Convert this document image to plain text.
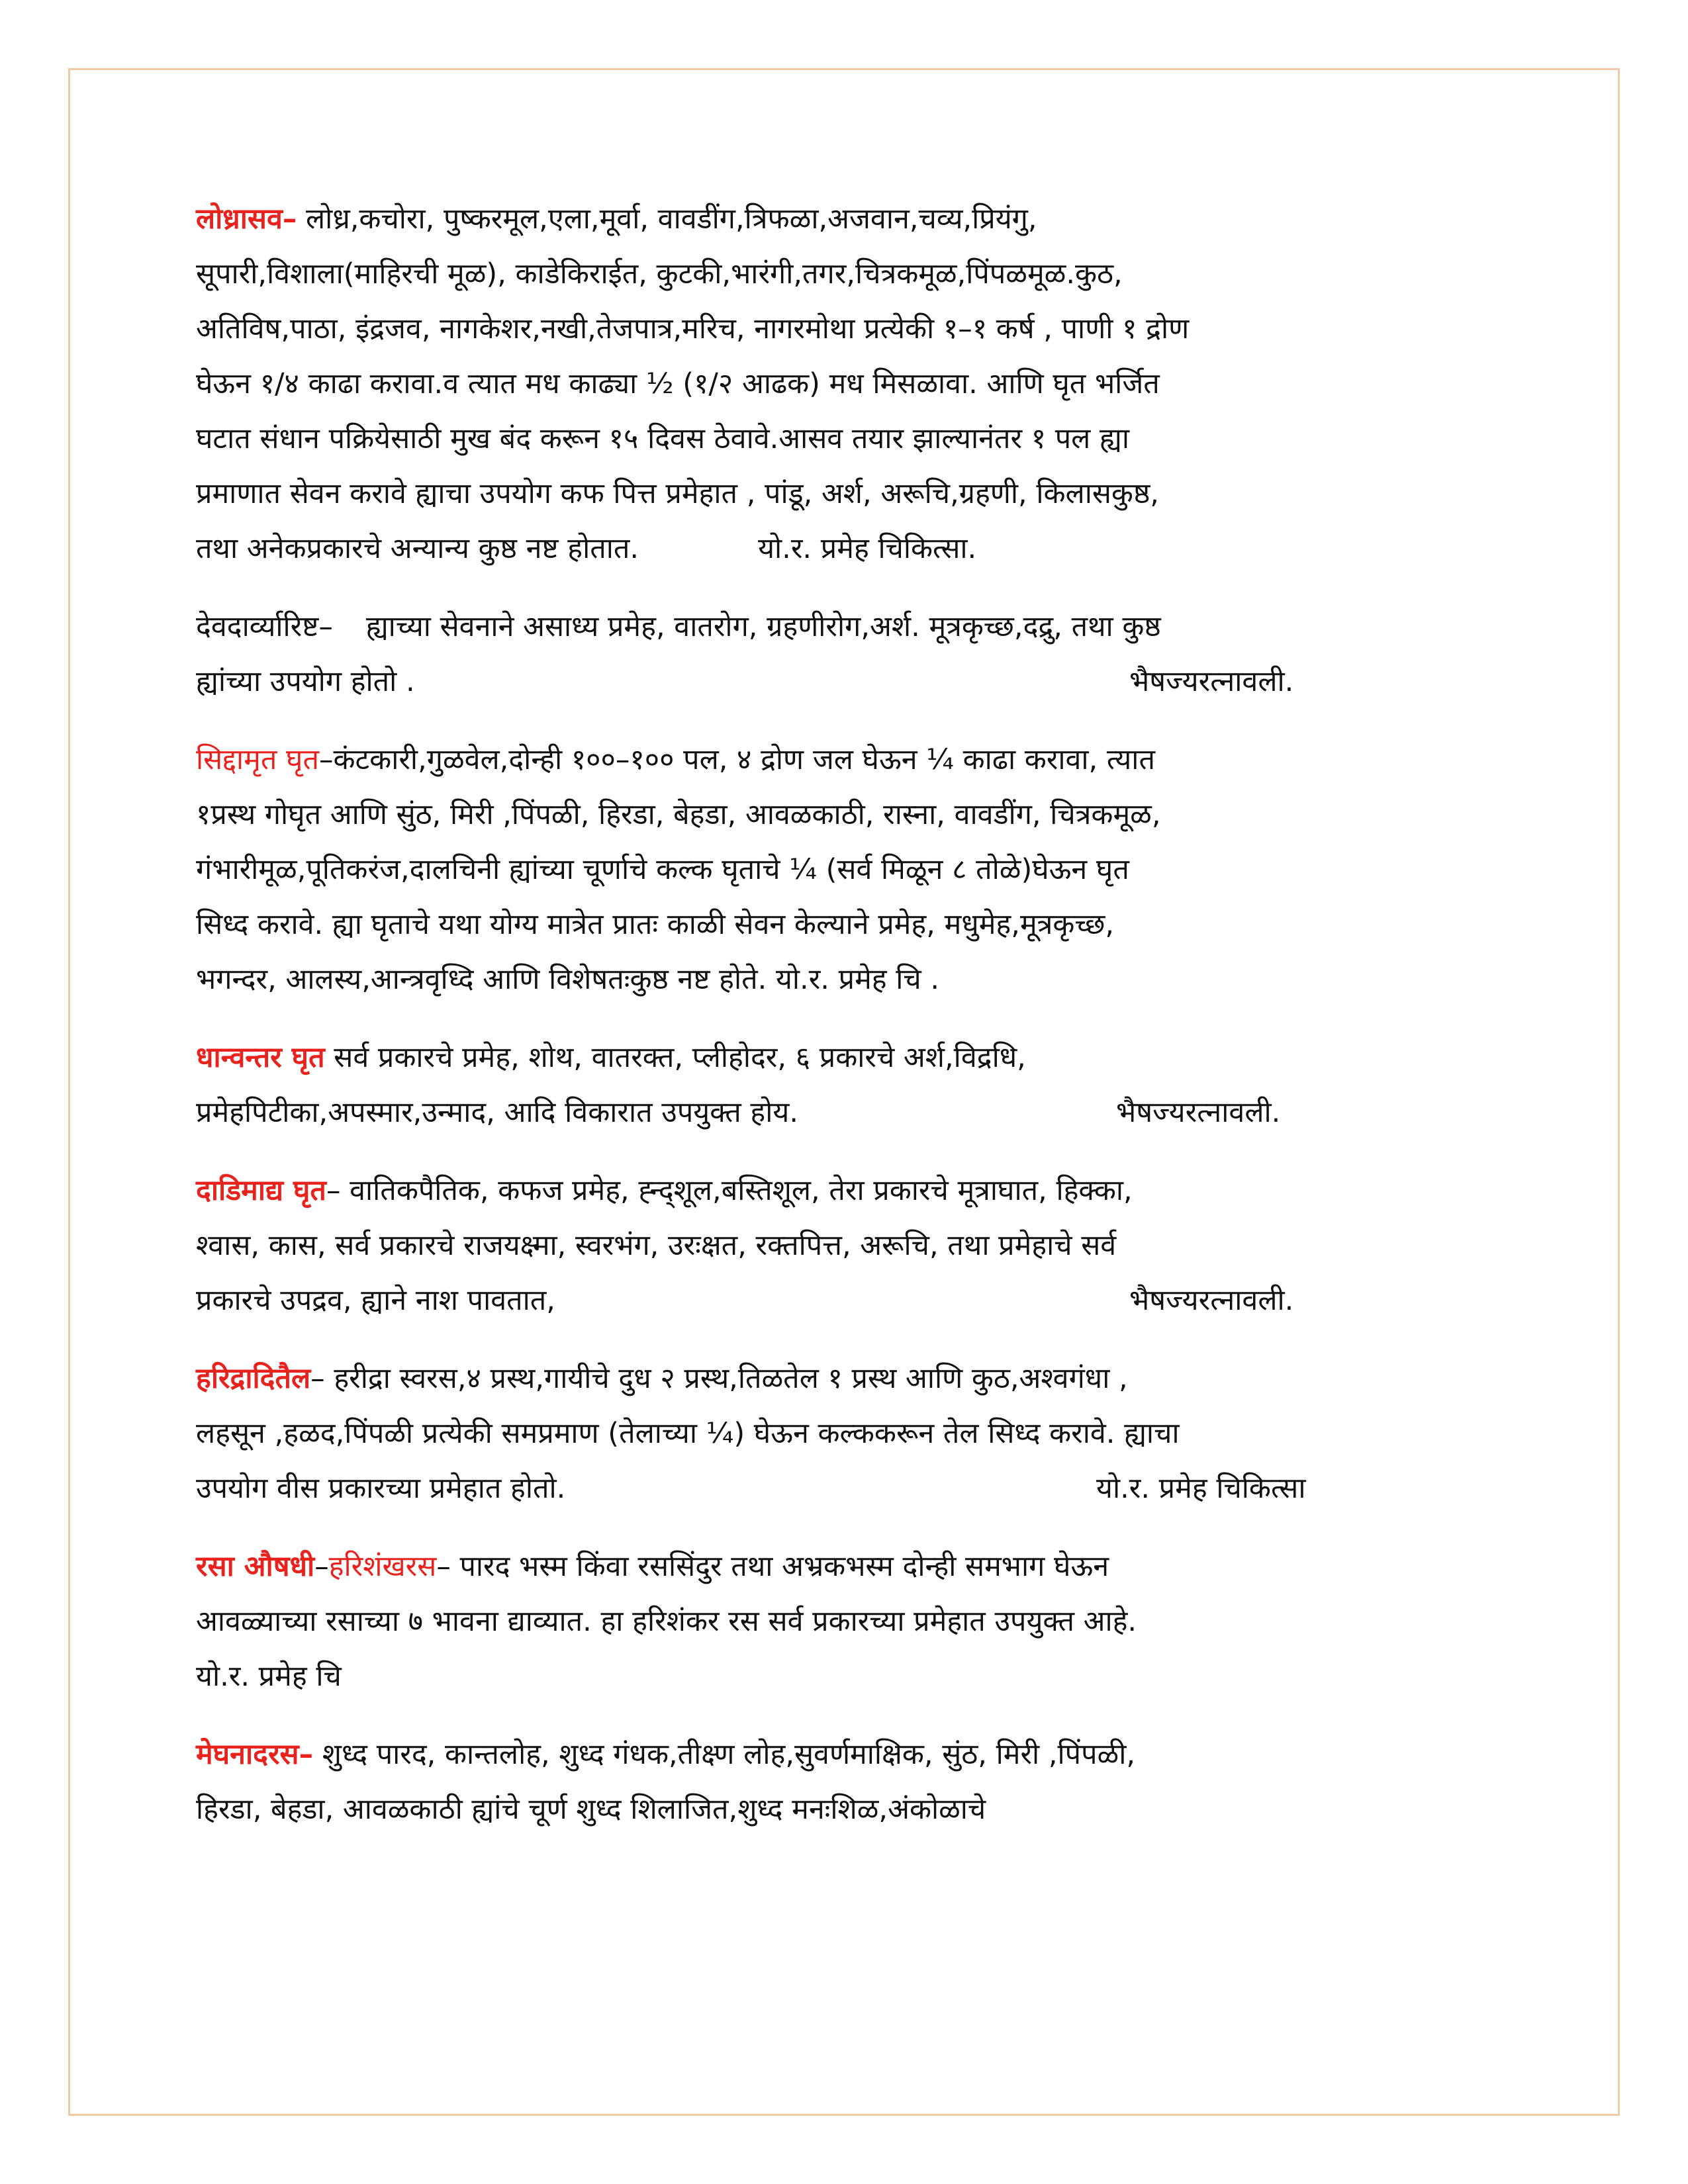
लोध्रासव– लोध्र,कचोरा, पुष्करमूल,एला,मूर्वा, वावडींग,त्रिफळा,अजवान,चव्य,प्रियंगु,
सूपारी,विशाला(माहिरची मूळ), काडेकिराईत, कुटकी,भारंगी,तगर,चित्रकमूळ,पिंपळमूळ.कुठ,
अतिविष,पाठा, इंद्रजव, नागकेशर,नखी,तेजपात्र,मरिच, नागरमोथा प्रत्येकी १–१ कर्ष , पाणी १ द्रोण
घेऊन १/४ काढा करावा.व त्यात मध काढ्या ½ (१/२ आढक) मध मिसळावा. आणि घृत भर्जित
घटात संधान पक्रियेसाठी मुख बंद करून १५ दिवस ठेवावे.आसव तयार झाल्यानंतर १ पल ह्या
प्रमाणात सेवन करावे ह्याचा उपयोग कफ पित्त प्रमेहात , पांडू, अर्श, अरूचि,ग्रहणी, किलासकुष्ठ,
तथा अनेकप्रकारचे अन्यान्य कुष्ठ नष्ट होतात.	यो.र. प्रमेह चिकित्सा.
देवदार्व्यारिष्ट– ह्याच्या सेवनाने असाध्य प्रमेह, वातरोग, ग्रहणीरोग,अर्श. मूत्रकृच्छ,दद्रु, तथा कुष्ठ
ह्यांच्या उपयोग होतो .	भैषज्यरत्नावली.
सिद्दामृत घृत–कंटकारी,गुळवेल,दोन्ही १००–१०० पल, ४ द्रोण जल घेऊन ¼ काढा करावा, त्यात
१प्रस्थ गोघृत आणि सुंठ, मिरी ,पिंपळी, हिरडा, बेहडा, आवळकाठी, रास्ना, वावडींग, चित्रकमूळ,
गंभारीमूळ,पूतिकरंज,दालचिनी ह्यांच्या चूर्णाचे कल्क घृताचे ¼ (सर्व मिळून ८ तोळे)घेऊन घृत
सिध्द करावे. ह्या घृताचे यथा योग्य मात्रेत प्रातः काळी सेवन केल्याने प्रमेह, मधुमेह,मूत्रकृच्छ,
भगन्दर, आलस्य,आन्त्रवृध्दि आणि विशेषतःकुष्ठ नष्ट होते. यो.र. प्रमेह चि .
धान्वन्तर घृत सर्व प्रकारचे प्रमेह, शोथ, वातरक्त, प्लीहोदर, ६ प्रकारचे अर्श,विद्रधि,
प्रमेहपिटीका,अपस्मार,उन्माद, आदि विकारात उपयुक्त होय.	भैषज्यरत्नावली.
दाडिमाद्य घृत– वातिकपैतिक, कफज प्रमेह, ह्न्द्शूल,बस्तिशूल, तेरा प्रकारचे मूत्राघात, हिक्का,
श्वास, कास, सर्व प्रकारचे राजयक्ष्मा, स्वरभंग, उरःक्षत, रक्तपित्त, अरूचि, तथा प्रमेहाचे सर्व
प्रकारचे उपद्रव, ह्याने नाश पावतात,	भैषज्यरत्नावली.
हरिद्रादितैल– हरीद्रा स्वरस,४ प्रस्थ,गायीचे दुध २ प्रस्थ,तिळतेल १ प्रस्थ आणि कुठ,अश्वगंधा ,
लहसून ,हळद,पिंपळी प्रत्येकी समप्रमाण (तेलाच्या ¼) घेऊन कल्ककरून तेल सिध्द करावे. ह्याचा
उपयोग वीस प्रकारच्या प्रमेहात होतो.	यो.र. प्रमेह चिकित्सा
रसा औषधी–हरिशंखरस– पारद भस्म किंवा रससिंदुर तथा अभ्रकभस्म दोन्ही समभाग घेऊन
आवळ्याच्या रसाच्या ७ भावना द्याव्यात. हा हरिशंकर रस सर्व प्रकारच्या प्रमेहात उपयुक्त आहे.
यो.र. प्रमेह चि
मेघनादरस– शुध्द पारद, कान्तलोह, शुध्द गंधक,तीक्ष्ण लोह,सुवर्णमाक्षिक, सुंठ, मिरी ,पिंपळी,
हिरडा, बेहडा, आवळकाठी ह्यांचे चूर्ण शुध्द शिलाजित,शुध्द मनःशिळ,अंकोळाचे
